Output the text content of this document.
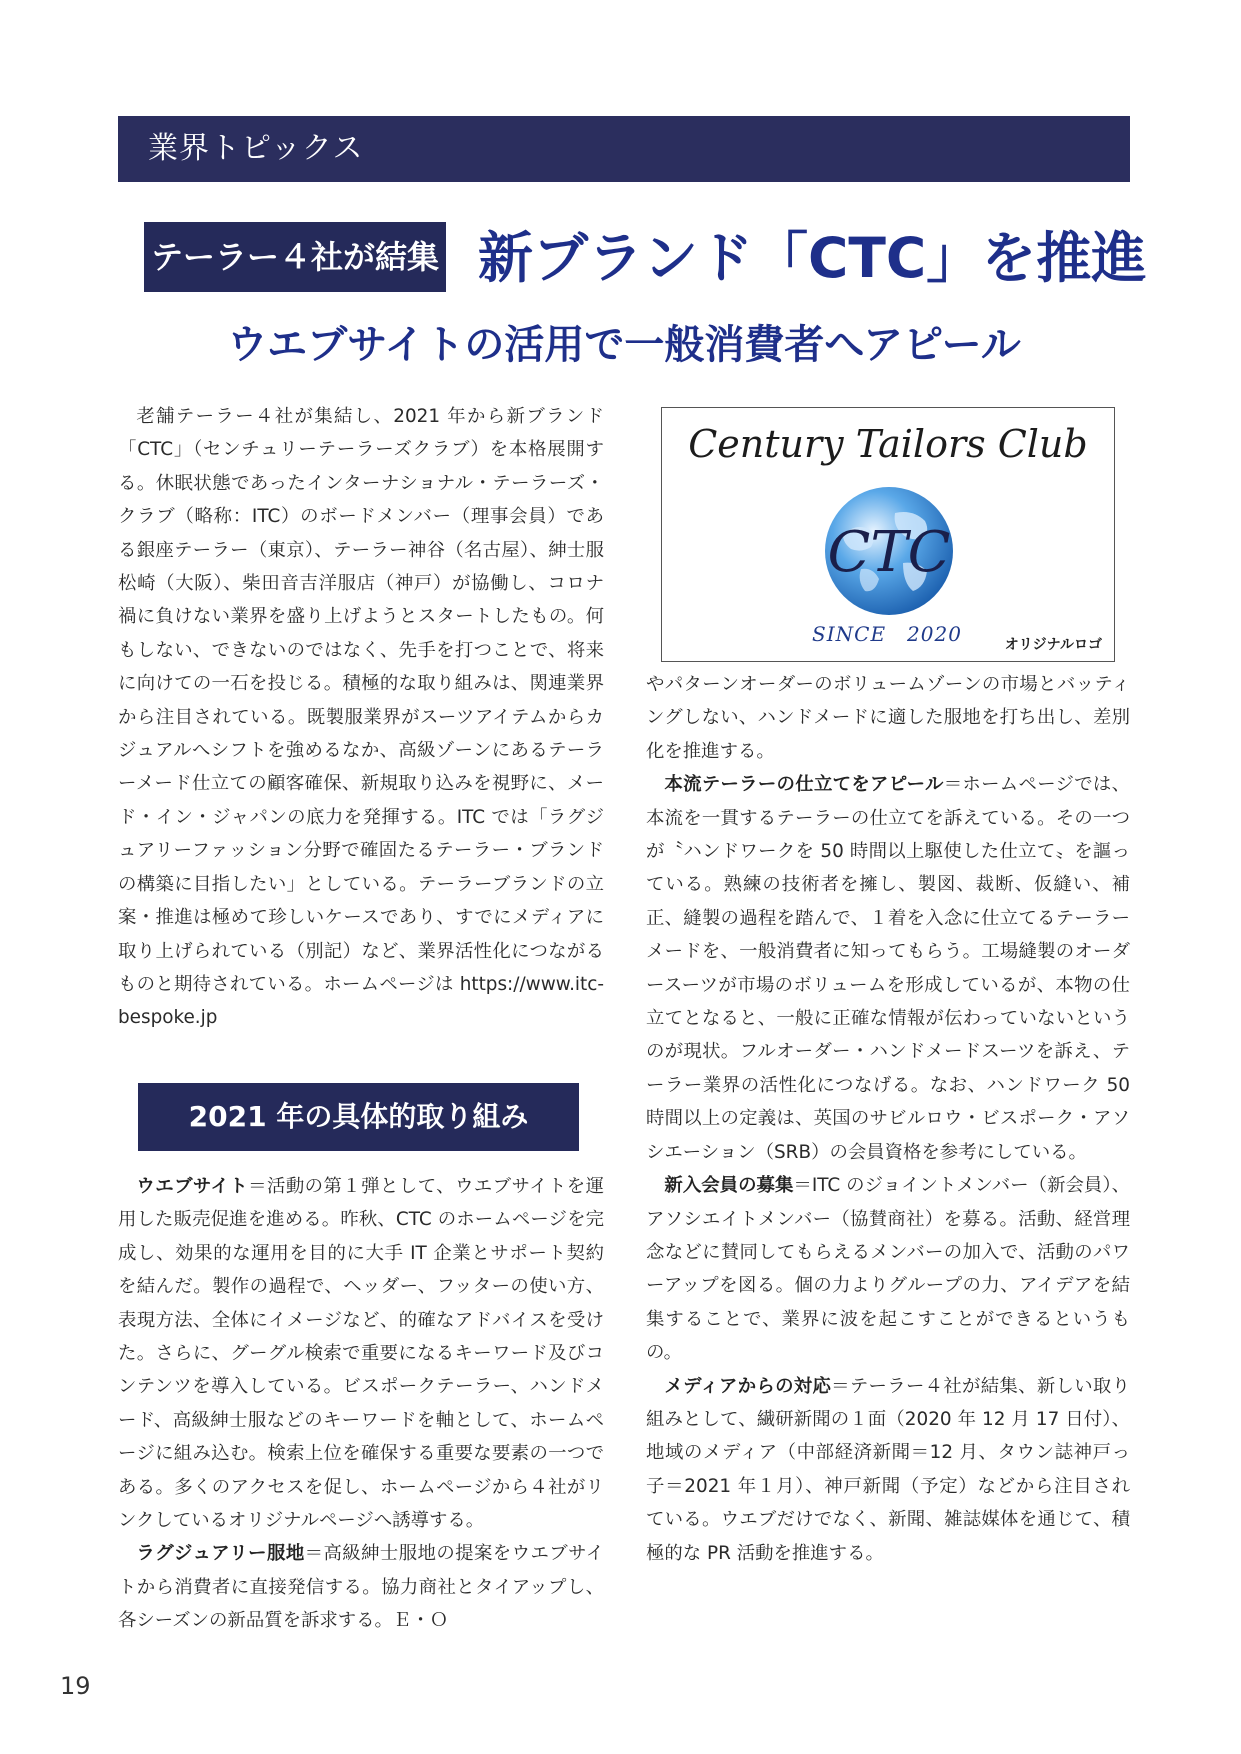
業界トピックス
テーラー４社が結集 新ブランド「CTC」を推進
ウエブサイトの活用で一般消費者へアピール

老舗テーラー４社が集結し、2021 年から新ブランド「CTC」（センチュリーテーラーズクラブ）を本格展開する。休眠状態であったインターナショナル・テーラーズ・クラブ（略称：ITC）のボードメンバー（理事会員）である銀座テーラー（東京）、テーラー神谷（名古屋）、紳士服松崎（大阪）、柴田音吉洋服店（神戸）が協働し、コロナ禍に負けない業界を盛り上げようとスタートしたもの。何もしない、できないのではなく、先手を打つことで、将来に向けての一石を投じる。積極的な取り組みは、関連業界から注目されている。既製服業界がスーツアイテムからカジュアルへシフトを強めるなか、高級ゾーンにあるテーラーメード仕立ての顧客確保、新規取り込みを視野に、メード・イン・ジャパンの底力を発揮する。ITC では「ラグジュアリーファッション分野で確固たるテーラー・ブランドの構築に目指したい」としている。テーラーブランドの立案・推進は極めて珍しいケースであり、すでにメディアに取り上げられている（別記）など、業界活性化につながるものと期待されている。ホームページは https://www.itc-bespoke.jp

2021 年の具体的取り組み

ウエブサイト＝活動の第１弾として、ウエブサイトを運用した販売促進を進める。昨秋、CTC のホームページを完成し、効果的な運用を目的に大手 IT 企業とサポート契約を結んだ。製作の過程で、ヘッダー、フッターの使い方、表現方法、全体にイメージなど、的確なアドバイスを受けた。さらに、グーグル検索で重要になるキーワード及びコンテンツを導入している。ビスポークテーラー、ハンドメード、高級紳士服などのキーワードを軸として、ホームページに組み込む。検索上位を確保する重要な要素の一つである。多くのアクセスを促し、ホームページから４社がリンクしているオリジナルページへ誘導する。

ラグジュアリー服地＝高級紳士服地の提案をウエブサイトから消費者に直接発信する。協力商社とタイアップし、各シーズンの新品質を訴求する。Ｅ・Ｏ

Century Tailors Club
CTC
SINCE　2020	オリジナルロゴ

やパターンオーダーのボリュームゾーンの市場とバッティングしない、ハンドメードに適した服地を打ち出し、差別化を推進する。

本流テーラーの仕立てをアピール＝ホームページでは、本流を一貫するテーラーの仕立てを訴えている。その一つが〝ハンドワークを 50 時間以上駆使した仕立て〟を謳っている。熟練の技術者を擁し、製図、裁断、仮縫い、補正、縫製の過程を踏んで、１着を入念に仕立てるテーラーメードを、一般消費者に知ってもらう。工場縫製のオーダースーツが市場のボリュームを形成しているが、本物の仕立てとなると、一般に正確な情報が伝わっていないというのが現状。フルオーダー・ハンドメードスーツを訴え、テーラー業界の活性化につなげる。なお、ハンドワーク 50 時間以上の定義は、英国のサビルロウ・ビスポーク・アソシエーション（SRB）の会員資格を参考にしている。

新入会員の募集＝ITC のジョイントメンバー（新会員）、アソシエイトメンバー（協賛商社）を募る。活動、経営理念などに賛同してもらえるメンバーの加入で、活動のパワーアップを図る。個の力よりグループの力、アイデアを結集することで、業界に波を起こすことができるというもの。

メディアからの対応＝テーラー４社が結集、新しい取り組みとして、繊研新聞の１面（2020 年 12 月 17 日付）、地域のメディア（中部経済新聞＝12 月、タウン誌神戸っ子＝2021 年１月）、神戸新聞（予定）などから注目されている。ウエブだけでなく、新聞、雑誌媒体を通じて、積極的な PR 活動を推進する。

19
